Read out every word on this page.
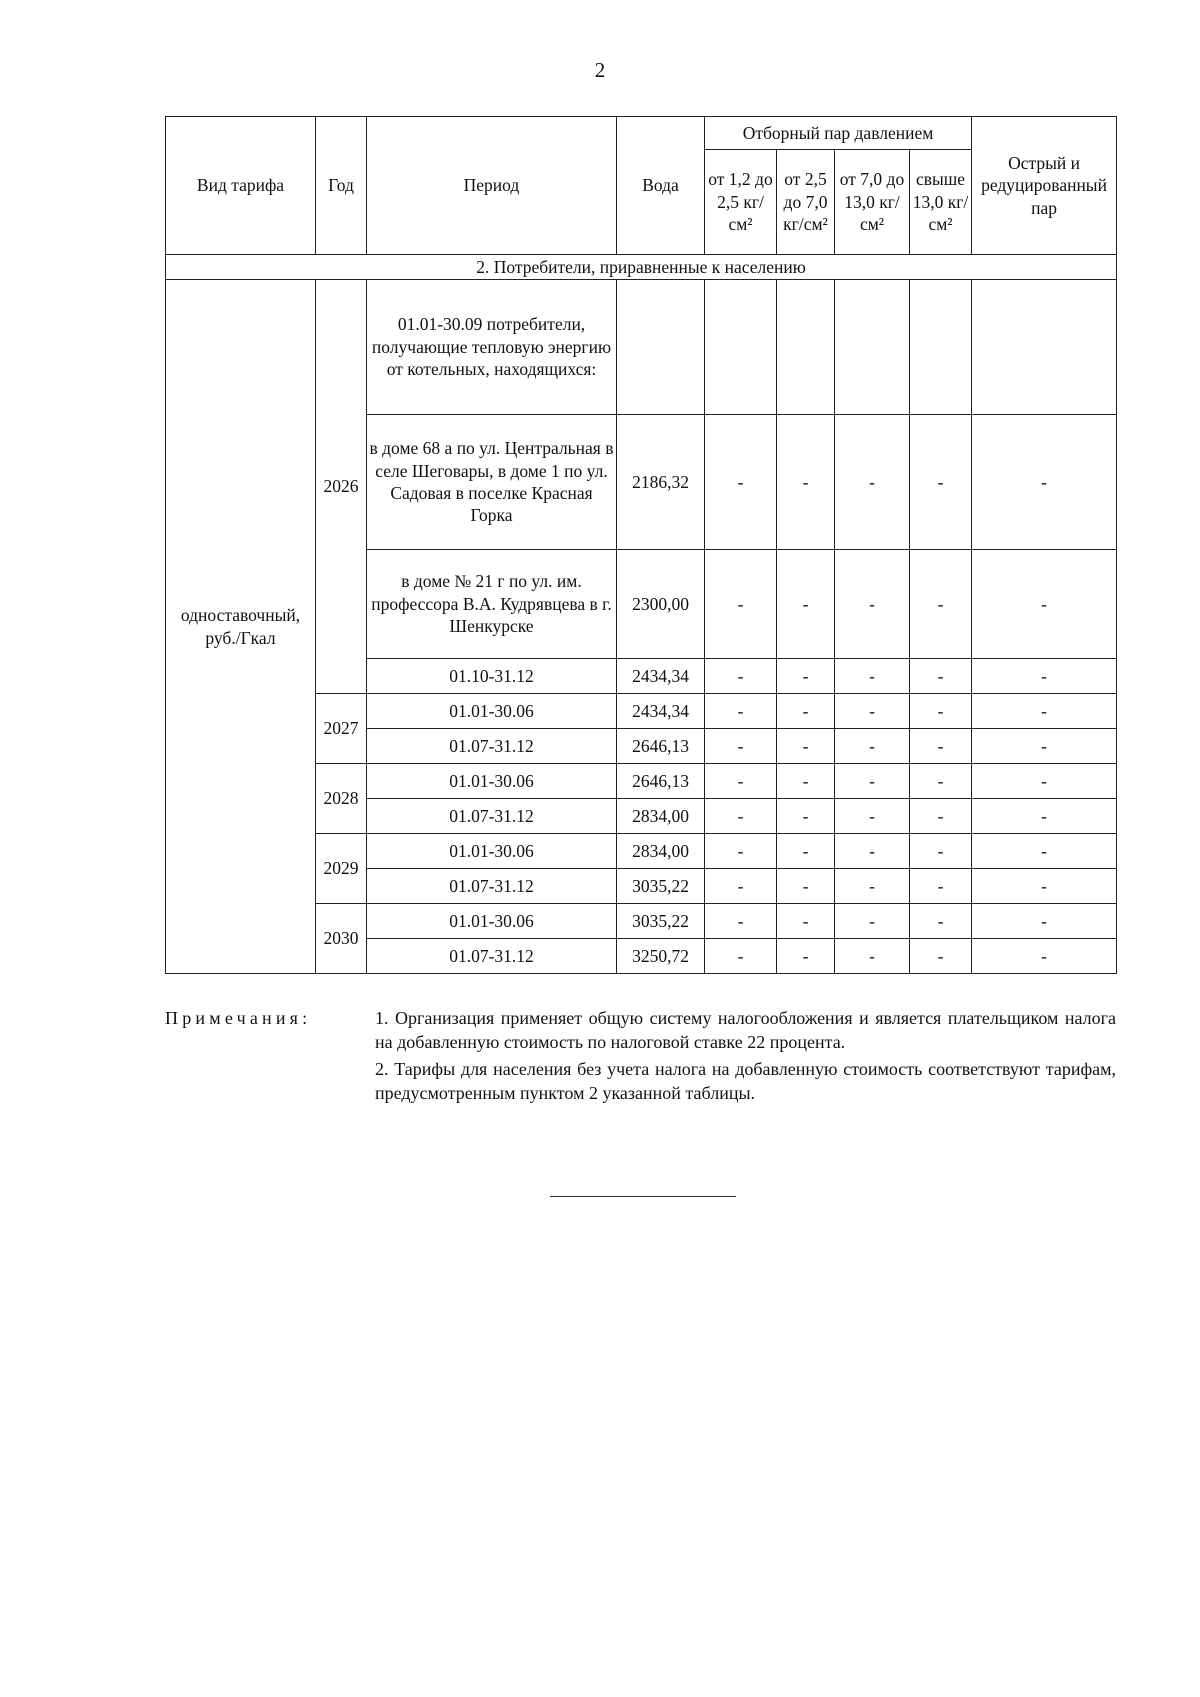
2
Вид тарифа	Год	Период	Вода	Отборный пар давлением				Острый и редуцированный пар
				от 1,2 до 2,5 кг/см²	от 2,5 до 7,0 кг/см²	от 7,0 до 13,0 кг/см²	свыше 13,0 кг/см²	
2. Потребители, приравненные к населению								
одноставочный, руб./Гкал	2026	01.01-30.09 потребители, получающие тепловую энергию от котельных, находящихся:						
		в доме 68 а по ул. Центральная в селе Шеговары, в доме 1 по ул. Садовая в поселке Красная Горка	2186,32	-	-	-	-	-
		в доме № 21 г по ул. им. профессора В.А. Кудрявцева в г. Шенкурске	2300,00	-	-	-	-	-
		01.10-31.12	2434,34	-	-	-	-	-
	2027	01.01-30.06	2434,34	-	-	-	-	-
		01.07-31.12	2646,13	-	-	-	-	-
	2028	01.01-30.06	2646,13	-	-	-	-	-
		01.07-31.12	2834,00	-	-	-	-	-
	2029	01.01-30.06	2834,00	-	-	-	-	-
		01.07-31.12	3035,22	-	-	-	-	-
	2030	01.01-30.06	3035,22	-	-	-	-	-
		01.07-31.12	3250,72	-	-	-	-	-
Примечания:	1. Организация применяет общую систему налогообложения и является плательщиком налога на добавленную стоимость по налоговой ставке 22 процента.

2. Тарифы для населения без учета налога на добавленную стоимость соответствуют тарифам, предусмотренным пунктом 2 указанной таблицы.
